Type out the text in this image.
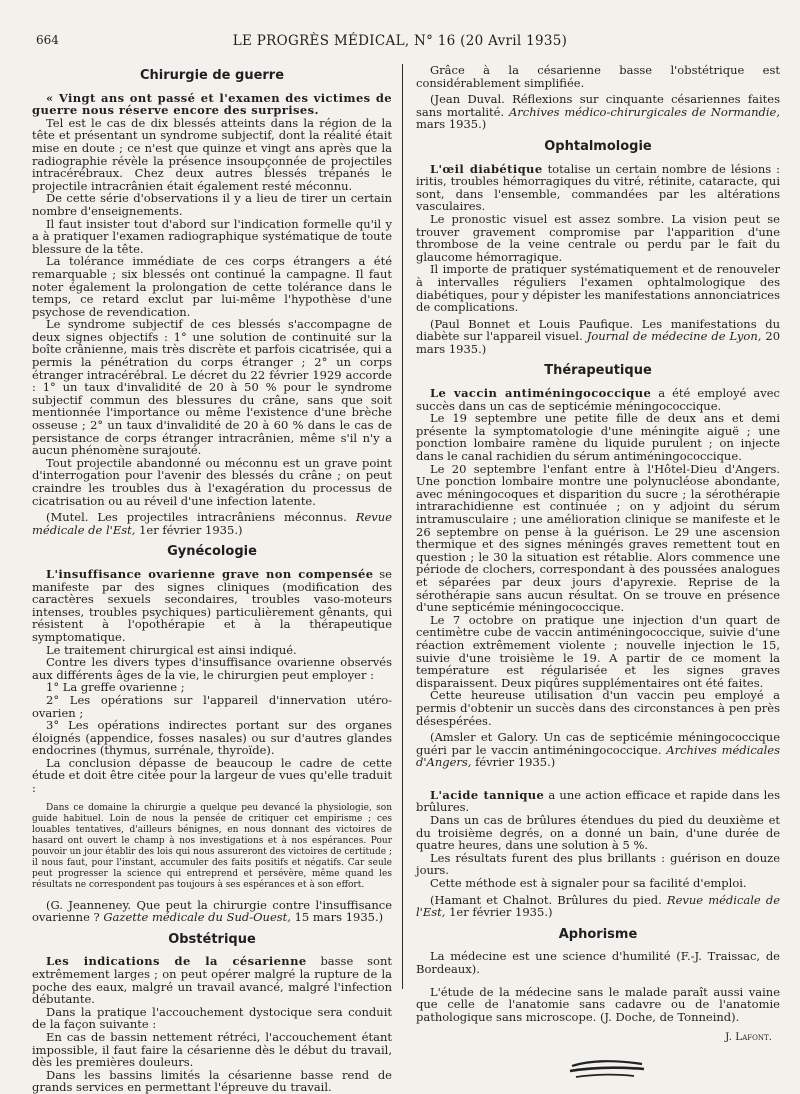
664	LE PROGRÈS MÉDICAL, N° 16 (20 Avril 1935)
Chirurgie de guerre

« Vingt ans ont passé et l'examen des victimes de guerre nous réserve encore des surprises.

Tel est le cas de dix blessés atteints dans la région de la tête et présentant un syndrome subjectif, dont la réalité était mise en doute ; ce n'est que quinze et vingt ans après que la radiographie révèle la présence insoupçonnée de projectiles intracérébraux. Chez deux autres blessés trépanés le projectile intracrânien était également resté méconnu.

De cette série d'observations il y a lieu de tirer un certain nombre d'enseignements.

Il faut insister tout d'abord sur l'indication formelle qu'il y a à pratiquer l'examen radiographique systématique de toute blessure de la tête.

La tolérance immédiate de ces corps étrangers a été remarquable ; six blessés ont continué la campagne. Il faut noter également la prolongation de cette tolérance dans le temps, ce retard exclut par lui-même l'hypothèse d'une psychose de revendication.

Le syndrome subjectif de ces blessés s'accompagne de deux signes objectifs : 1° une solution de continuité sur la boîte crânienne, mais très discrète et parfois cicatrisée, qui a permis la pénétration du corps étranger ; 2° un corps étranger intracérébral. Le décret du 22 février 1929 accorde : 1° un taux d'invalidité de 20 à 50 % pour le syndrome subjectif commun des blessures du crâne, sans que soit mentionnée l'importance ou même l'existence d'une brèche osseuse ; 2° un taux d'invalidité de 20 à 60 % dans le cas de persistance de corps étranger intracrânien, même s'il n'y a aucun phénomène surajouté.

Tout projectile abandonné ou méconnu est un grave point d'interrogation pour l'avenir des blessés du crâne ; on peut craindre les troubles dus à l'exagération du processus de cicatrisation ou au réveil d'une infection latente.

(Mutel. Les projectiles intracrâniens méconnus. Revue médicale de l'Est, 1er février 1935.)

Gynécologie

L'insuffisance ovarienne grave non compensée se manifeste par des signes cliniques (modification des caractères sexuels secondaires, troubles vaso-moteurs intenses, troubles psychiques) particulièrement gênants, qui résistent à l'opothérapie et à la thérapeutique symptomatique.

Le traitement chirurgical est ainsi indiqué.

Contre les divers types d'insuffisance ovarienne observés aux différents âges de la vie, le chirurgien peut employer :

1° La greffe ovarienne ;

2° Les opérations sur l'appareil d'innervation utéro-ovarien ;

3° Les opérations indirectes portant sur des organes éloignés (appendice, fosses nasales) ou sur d'autres glandes endocrines (thymus, surrénale, thyroïde).

La conclusion dépasse de beaucoup le cadre de cette étude et doit être citée pour la largeur de vues qu'elle traduit :

Dans ce domaine la chirurgie a quelque peu devancé la physiologie, son guide habituel. Loin de nous la pensée de critiquer cet empirisme ; ces louables tentatives, d'ailleurs bénignes, en nous donnant des victoires de hasard ont ouvert le champ à nos investigations et à nos espérances. Pour pouvoir un jour établir des lois qui nous assureront des victoires de certitude ; il nous faut, pour l'instant, accumuler des faits positifs et négatifs. Car seule peut progresser la science qui entreprend et persévère, même quand les résultats ne correspondent pas toujours à ses espérances et à son effort.

(G. Jeanneney. Que peut la chirurgie contre l'insuffisance ovarienne ? Gazette médicale du Sud-Ouest, 15 mars 1935.)

Obstétrique

Les indications de la césarienne basse sont extrêmement larges ; on peut opérer malgré la rupture de la poche des eaux, malgré un travail avancé, malgré l'infection débutante.

Dans la pratique l'accouchement dystocique sera conduit de la façon suivante :

En cas de bassin nettement rétréci, l'accouchement étant impossible, il faut faire la césarienne dès le début du travail, dès les premières douleurs.

Dans les bassins limités la césarienne basse rend de grands services en permettant l'épreuve du travail.

Grâce à la césarienne basse l'obstétrique est considérablement simplifiée.

(Jean Duval. Réflexions sur cinquante césariennes faites sans mortalité. Archives médico-chirurgicales de Normandie, mars 1935.)

Ophtalmologie

L'œil diabétique totalise un certain nombre de lésions : iritis, troubles hémorragiques du vitré, rétinite, cataracte, qui sont, dans l'ensemble, commandées par les altérations vasculaires.

Le pronostic visuel est assez sombre. La vision peut se trouver gravement compromise par l'apparition d'une thrombose de la veine centrale ou perdu par le fait du glaucome hémorragique.

Il importe de pratiquer systématiquement et de renouveler à intervalles réguliers l'examen ophtalmologique des diabétiques, pour y dépister les manifestations annonciatrices de complications.

(Paul Bonnet et Louis Paufique. Les manifestations du diabète sur l'appareil visuel. Journal de médecine de Lyon, 20 mars 1935.)

Thérapeutique

Le vaccin antiméningococcique a été employé avec succès dans un cas de septicémie méningococcique.

Le 19 septembre une petite fille de deux ans et demi présente la symptomatologie d'une méningite aiguë ; une ponction lombaire ramène du liquide purulent ; on injecte dans le canal rachidien du sérum antiméningococcique.

Le 20 septembre l'enfant entre à l'Hôtel-Dieu d'Angers. Une ponction lombaire montre une polynucléose abondante, avec méningocoques et disparition du sucre ; la sérothérapie intrarachidienne est continuée ; on y adjoint du sérum intramusculaire ; une amélioration clinique se manifeste et le 26 septembre on pense à la guérison. Le 29 une ascension thermique et des signes méningés graves remettent tout en question ; le 30 la situation est rétablie. Alors commence une période de clochers, correspondant à des poussées analogues et séparées par deux jours d'apyrexie. Reprise de la sérothérapie sans aucun résultat. On se trouve en présence d'une septicémie méningococcique.

Le 7 octobre on pratique une injection d'un quart de centimètre cube de vaccin antiméningococcique, suivie d'une réaction extrêmement violente ; nouvelle injection le 15, suivie d'une troisième le 19. A partir de ce moment la température est régularisée et les signes graves disparaissent. Deux piqûres supplémentaires ont été faites.

Cette heureuse utilisation d'un vaccin peu employé a permis d'obtenir un succès dans des circonstances à pen près désespérées.

(Amsler et Galory. Un cas de septicémie méningococcique guéri par le vaccin antiméningococcique. Archives médicales d'Angers, février 1935.)

L'acide tannique a une action efficace et rapide dans les brûlures.

Dans un cas de brûlures étendues du pied du deuxième et du troisième degrés, on a donné un bain, d'une durée de quatre heures, dans une solution à 5 %.

Les résultats furent des plus brillants : guérison en douze jours.

Cette méthode est à signaler pour sa facilité d'emploi.

(Hamant et Chalnot. Brûlures du pied. Revue médicale de l'Est, 1er février 1935.)

Aphorisme

La médecine est une science d'humilité (F.-J. Traissac, de Bordeaux).

L'étude de la médecine sans le malade paraît aussi vaine que celle de l'anatomie sans cadavre ou de l'anatomie pathologique sans microscope. (J. Doche, de Tonneind).

J. Lafont.
